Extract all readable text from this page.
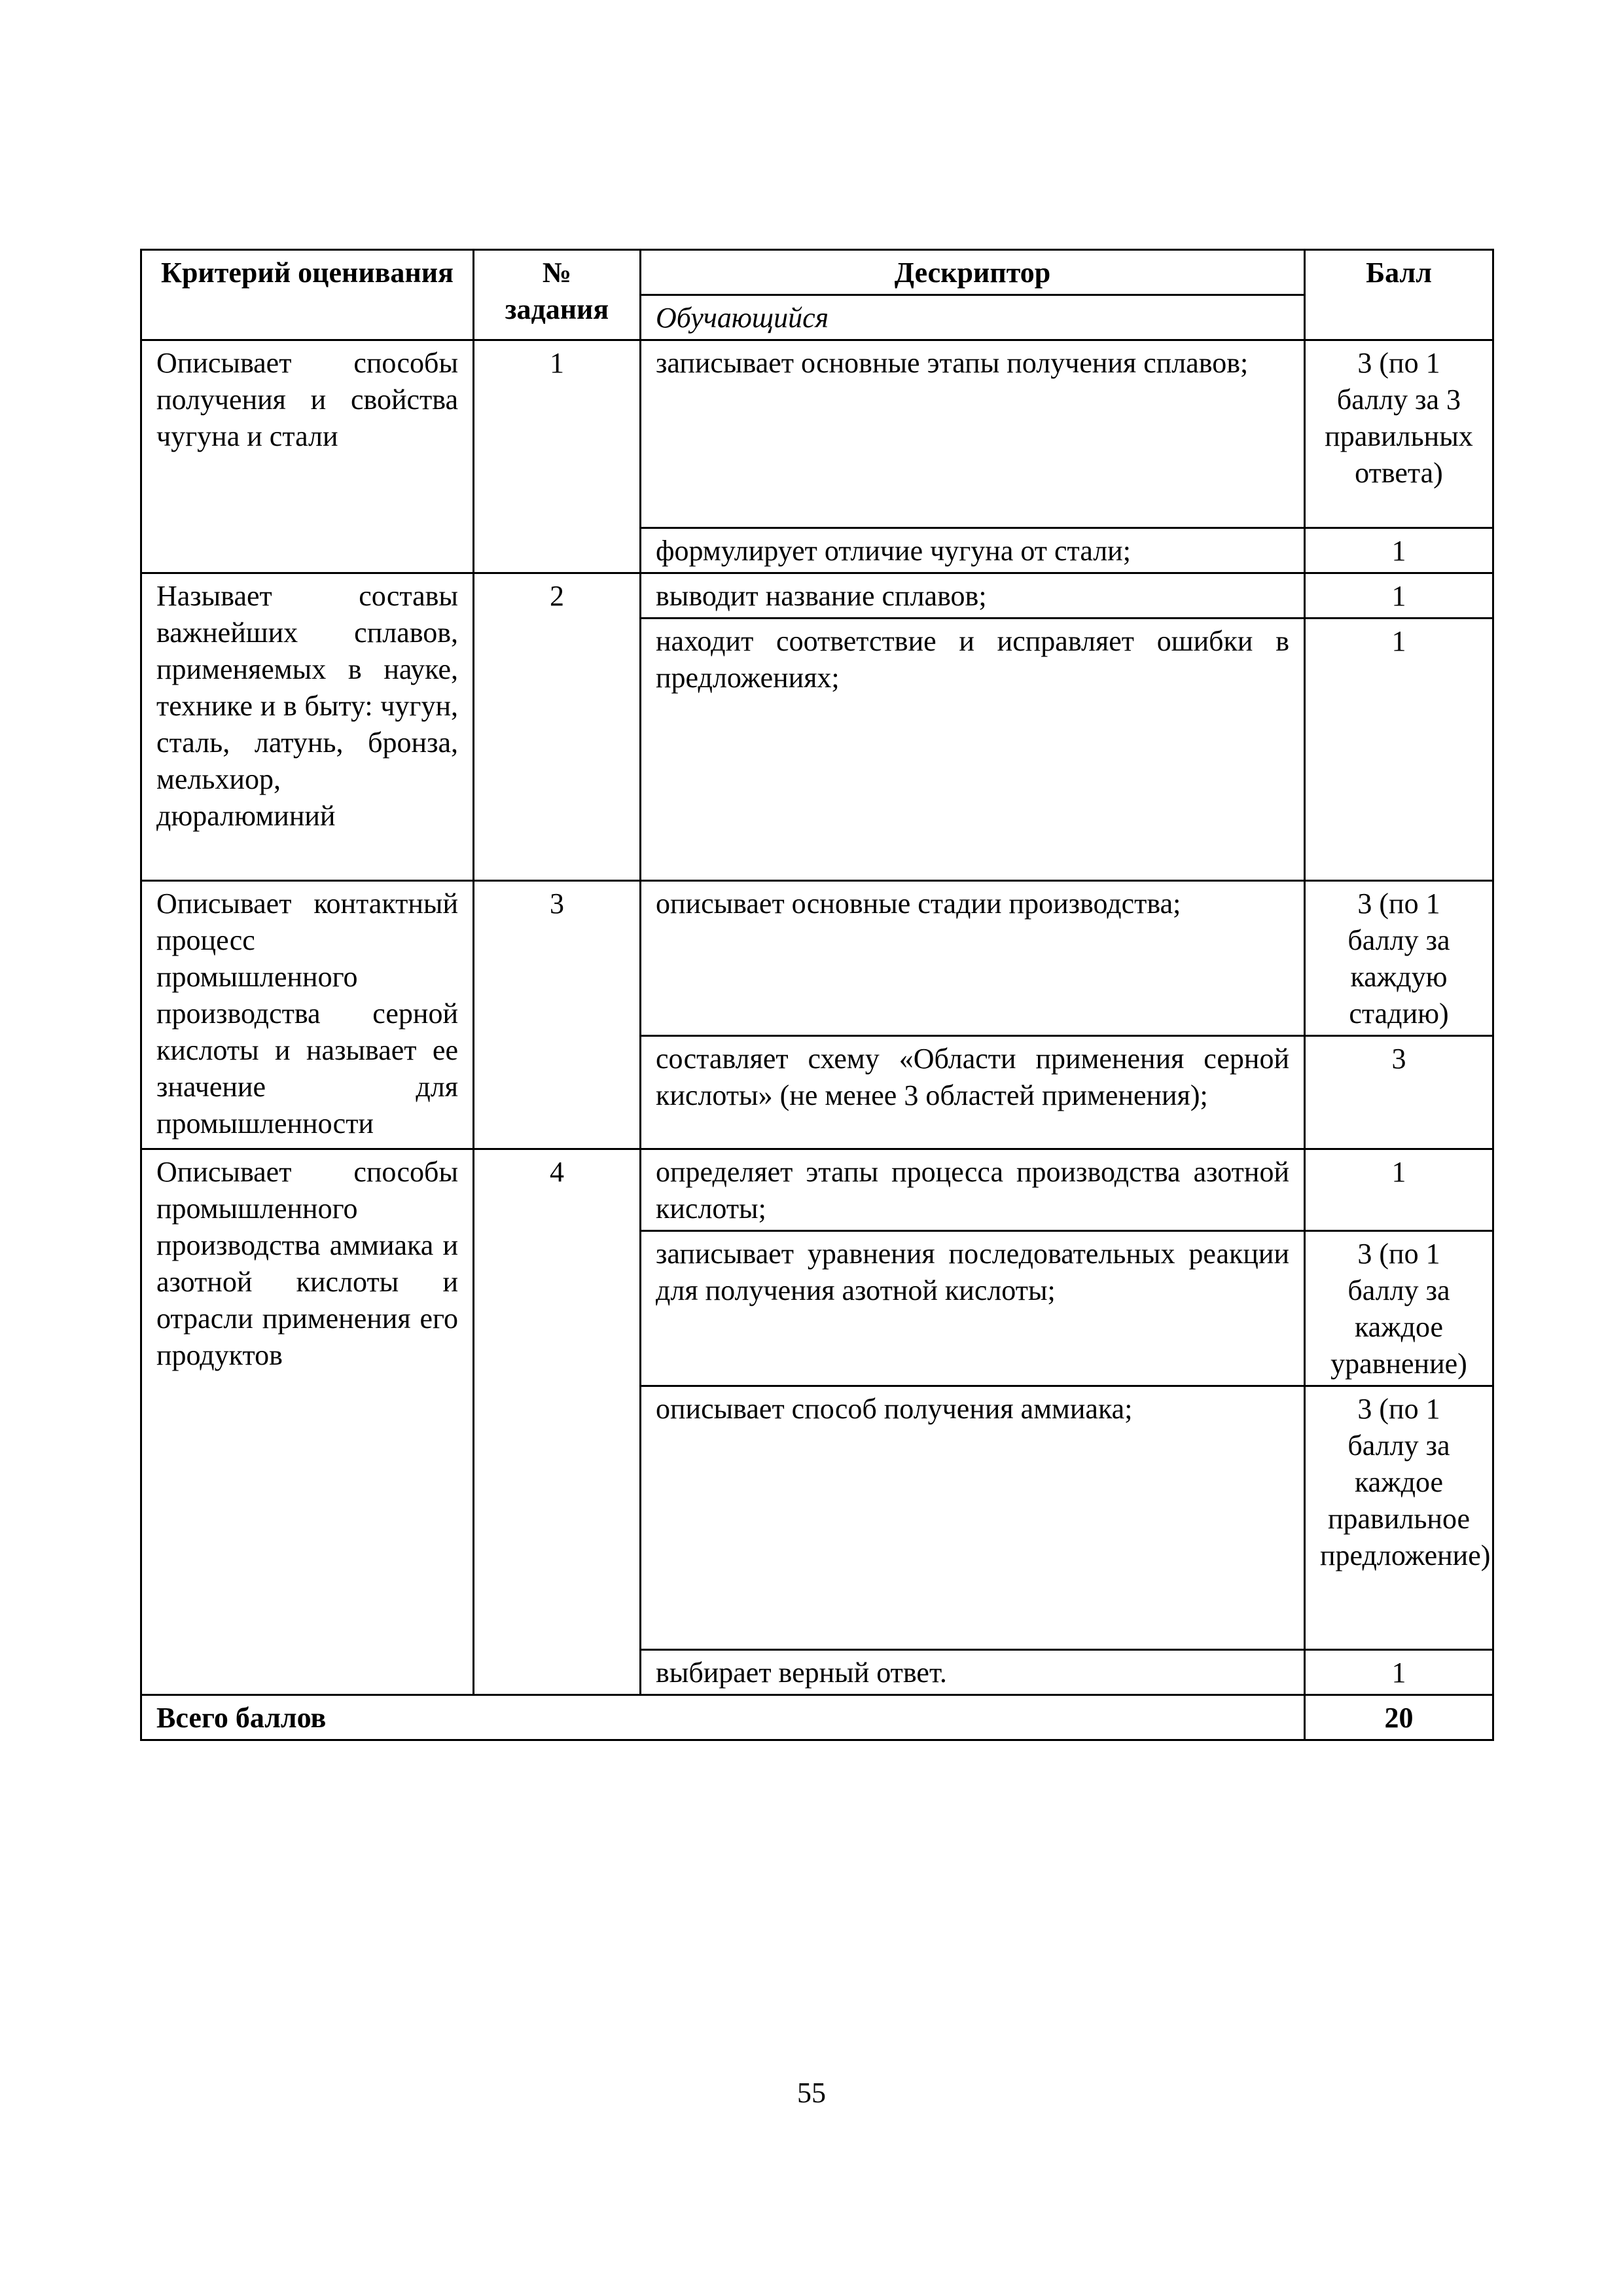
Критерий оценивания	№ задания	Дескриптор	Балл
		Обучающийся	
Описывает способы получения и свойства чугуна и стали	1	записывает основные этапы получения сплавов;	3 (по 1 баллу за 3 правильных ответа)
		формулирует отличие чугуна от стали;	1
Называет составы важнейших сплавов, применяемых в науке, технике и в быту: чугун, сталь, латунь, бронза, мельхиор, дюралюминий	2	выводит название сплавов;	1
		находит соответствие и исправляет ошибки в предложениях;	1
Описывает контактный процесс промышленного производства серной кислоты и называет ее значение для промышленности	3	описывает основные стадии производства;	3 (по 1 баллу за каждую стадию)
		составляет схему «Области применения серной кислоты» (не менее 3 областей применения);	3
Описывает способы промышленного производства аммиака и азотной кислоты и отрасли применения его продуктов	4	определяет этапы процесса производства азотной кислоты;	1
		записывает уравнения последовательных реакции для получения азотной кислоты;	3 (по 1 баллу за каждое уравнение)
		описывает способ получения аммиака;	3 (по 1 баллу за каждое правильное предложение)
		выбирает верный ответ.	1
Всего баллов			20
55
